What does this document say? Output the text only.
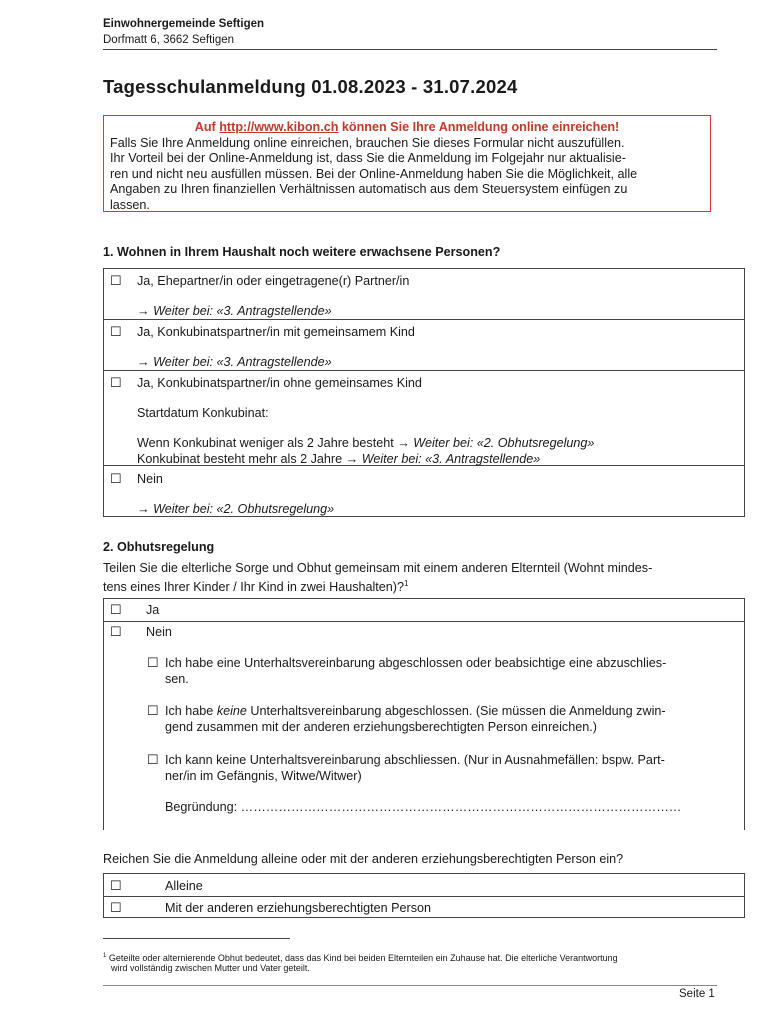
Einwohnergemeinde Seftigen
Dorfmatt 6, 3662 Seftigen
Tagesschulanmeldung 01.08.2023 - 31.07.2024
Auf http://www.kibon.ch können Sie Ihre Anmeldung online einreichen!
Falls Sie Ihre Anmeldung online einreichen, brauchen Sie dieses Formular nicht auszufüllen.
Ihr Vorteil bei der Online-Anmeldung ist, dass Sie die Anmeldung im Folgejahr nur aktualisie-
ren und nicht neu ausfüllen müssen. Bei der Online-Anmeldung haben Sie die Möglichkeit, alle
Angaben zu Ihren finanziellen Verhältnissen automatisch aus dem Steuersystem einfügen zu
lassen.
1. Wohnen in Ihrem Haushalt noch weitere erwachsene Personen?
☐ Ja, Ehepartner/in oder eingetragene(r) Partner/in
→ Weiter bei: «3. Antragstellende»
☐ Ja, Konkubinatspartner/in mit gemeinsamem Kind
→ Weiter bei: «3. Antragstellende»
☐ Ja, Konkubinatspartner/in ohne gemeinsames Kind
Startdatum Konkubinat:
Wenn Konkubinat weniger als 2 Jahre besteht → Weiter bei: «2. Obhutsregelung»
Konkubinat besteht mehr als 2 Jahre → Weiter bei: «3. Antragstellende»
☐ Nein
→ Weiter bei: «2. Obhutsregelung»
2. Obhutsregelung
Teilen Sie die elterliche Sorge und Obhut gemeinsam mit einem anderen Elternteil (Wohnt mindes-
tens eines Ihrer Kinder / Ihr Kind in zwei Haushalten)?$^1$
☐ Ja
☐ Nein
☐ Ich habe eine Unterhaltsvereinbarung abgeschlossen oder beabsichtige eine abzuschlies-
sen.
☐ Ich habe keine Unterhaltsvereinbarung abgeschlossen. (Sie müssen die Anmeldung zwin-
gend zusammen mit der anderen erziehungsberechtigten Person einreichen.)
☐ Ich kann keine Unterhaltsvereinbarung abschliessen. (Nur in Ausnahmefällen: bspw. Part-
ner/in im Gefängnis, Witwe/Witwer)
Begründung: ……………………………………………………………………………………………
Reichen Sie die Anmeldung alleine oder mit der anderen erziehungsberechtigten Person ein?
☐	Alleine
☐	Mit der anderen erziehungsberechtigten Person
$^1$ Geteilte oder alternierende Obhut bedeutet, dass das Kind bei beiden Elternteilen ein Zuhause hat. Die elterliche Verantwortung
wird vollständig zwischen Mutter und Vater geteilt.
Seite 1
